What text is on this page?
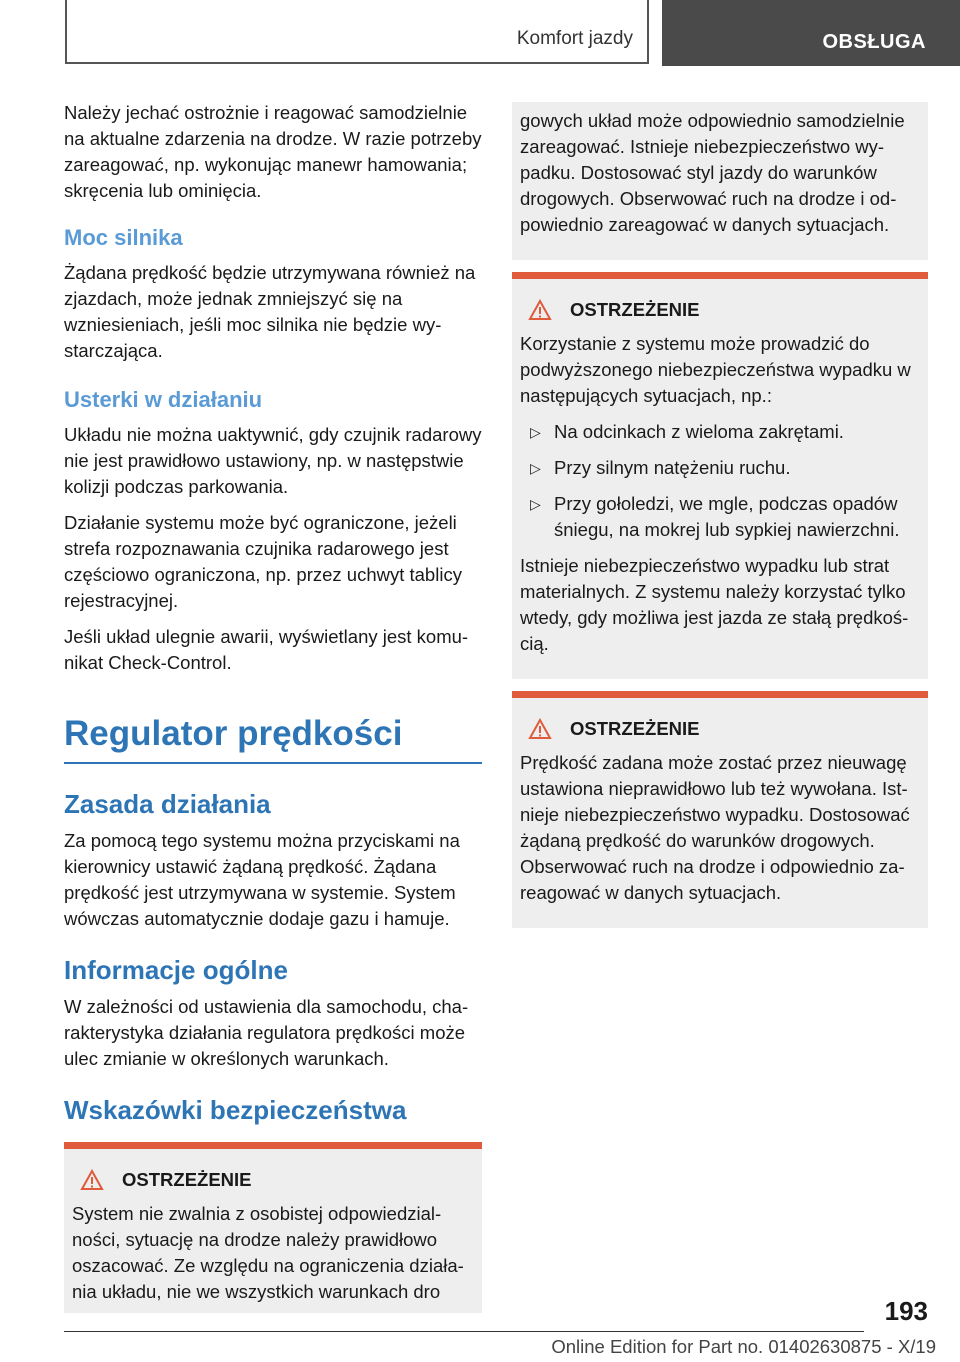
Komfort jazdy	OBSŁUGA

Należy jechać ostrożnie i reagować samodzielnie na aktualne zdarzenia na drodze. W razie potrzeby zareagować, np. wykonując manewr hamowania; skręcenia lub ominięcia.

Moc silnika

Żądana prędkość będzie utrzymywana również na zjazdach, może jednak zmniejszyć się na wzniesieniach, jeśli moc silnika nie będzie wystarczająca.

Usterki w działaniu

Układu nie można uaktywnić, gdy czujnik radarowy nie jest prawidłowo ustawiony, np. w następstwie kolizji podczas parkowania.

Działanie systemu może być ograniczone, jeżeli strefa rozpoznawania czujnika radarowego jest częściowo ograniczona, np. przez uchwyt tablicy rejestracyjnej.

Jeśli układ ulegnie awarii, wyświetlany jest komunikat Check-Control.

Regulator prędkości
Zasada działania

Za pomocą tego systemu można przyciskami na kierownicy ustawić żądaną prędkość. Żądana prędkość jest utrzymywana w systemie. System wówczas automatycznie dodaje gazu i hamuje.

Informacje ogólne

W zależności od ustawienia dla samochodu, charakterystyka działania regulatora prędkości może ulec zmianie w określonych warunkach.

Wskazówki bezpieczeństwa
OSTRZEŻENIE

System nie zwalnia z osobistej odpowiedzialności, sytuację na drodze należy prawidłowo oszacować. Ze względu na ograniczenia działania układu, nie we wszystkich warunkach dro

gowych układ może odpowiednio samodzielnie zareagować. Istnieje niebezpieczeństwo wypadku. Dostosować styl jazdy do warunków drogowych. Obserwować ruch na drodze i odpowiednio zareagować w danych sytuacjach.

OSTRZEŻENIE

Korzystanie z systemu może prowadzić do podwyższonego niebezpieczeństwa wypadku w następujących sytuacjach, np.:

▷ Na odcinkach z wieloma zakrętami.
▷ Przy silnym natężeniu ruchu.
▷ Przy gołoledzi, we mgle, podczas opadów śniegu, na mokrej lub sypkiej nawierzchni.

Istnieje niebezpieczeństwo wypadku lub strat materialnych. Z systemu należy korzystać tylko wtedy, gdy możliwa jest jazda ze stałą prędkością.

OSTRZEŻENIE

Prędkość zadana może zostać przez nieuwagę ustawiona nieprawidłowo lub też wywołana. Istnieje niebezpieczeństwo wypadku. Dostosować żądaną prędkość do warunków drogowych. Obserwować ruch na drodze i odpowiednio zareagować w danych sytuacjach.

193
Online Edition for Part no. 01402630875 - X/19
